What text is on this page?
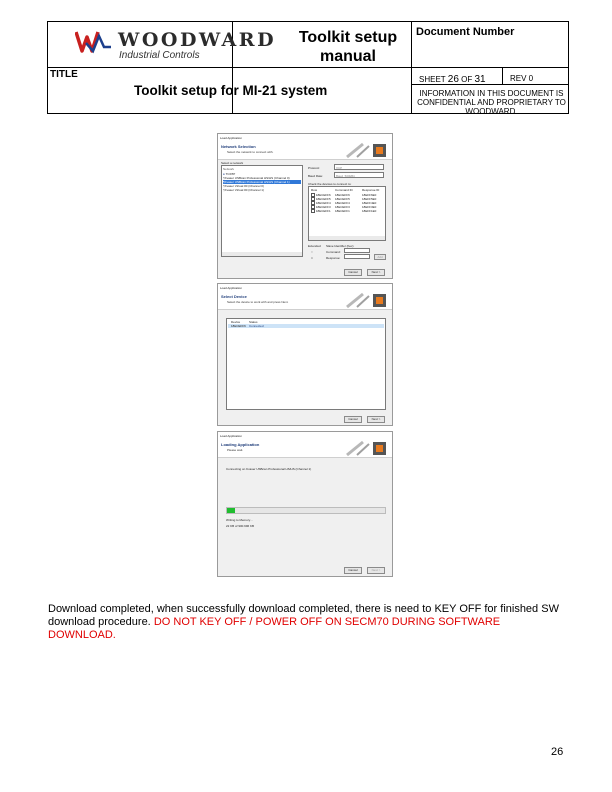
WOODWARD
Industrial Controls
Toolkit setup
manual
Document Number
TITLE
Toolkit setup for MI-21 system
SHEET 26 OF 31	REV 0
INFORMATION IN THIS DOCUMENT IS CONFIDENTIAL AND PROPRIETARY TO WOODWARD.
Load Application
Network Selection
Select the network to connect with.
Select a network
Network
● TCP/IP
¶Kvaser USBcan Professional HS/HS (Channel 0)
¶Kvaser USBcan Professional HS/HS (Channel 1)
¶Kvaser Virtual #0 (Channel 0)
¶Kvaser Virtual #0 (Channel 1)
Protocol:	XCP
Baud Rate:	Baud_500kBit
Check the devices to connect to:
Row	Command ID	Response ID
18ECEFF6 18ECEFF6	18EFF6E0
18ECEFF5 18ECEFF5	18EFF5E0
18ECEFF4 18ECEFF4	18EFF4E0
18ECEFF3 18ECEFF3	18EFF3E0
18ECEFF1 18ECEFF1	18EFF1E0
Extended Slave Identifier (hex)
○	Command:
□	Response:	Add
Cancel	Next >
Load Application
Select Device
Select the device to work with and press Next.
Device	Status
18ECEFF6 Connected
Cancel	Next >
Load Application
Loading Application
Please wait.
Connecting on Kvaser USBcan Professional HS/HS (Channel 1)
Writing to Memory...
22 KB of 900.996 KB
Cancel	Next >
Download completed, when successfully download completed, there is need to KEY OFF for finished SW download procedure. DO NOT KEY OFF / POWER OFF ON SECM70 DURING SOFTWARE DOWNLOAD.
26
